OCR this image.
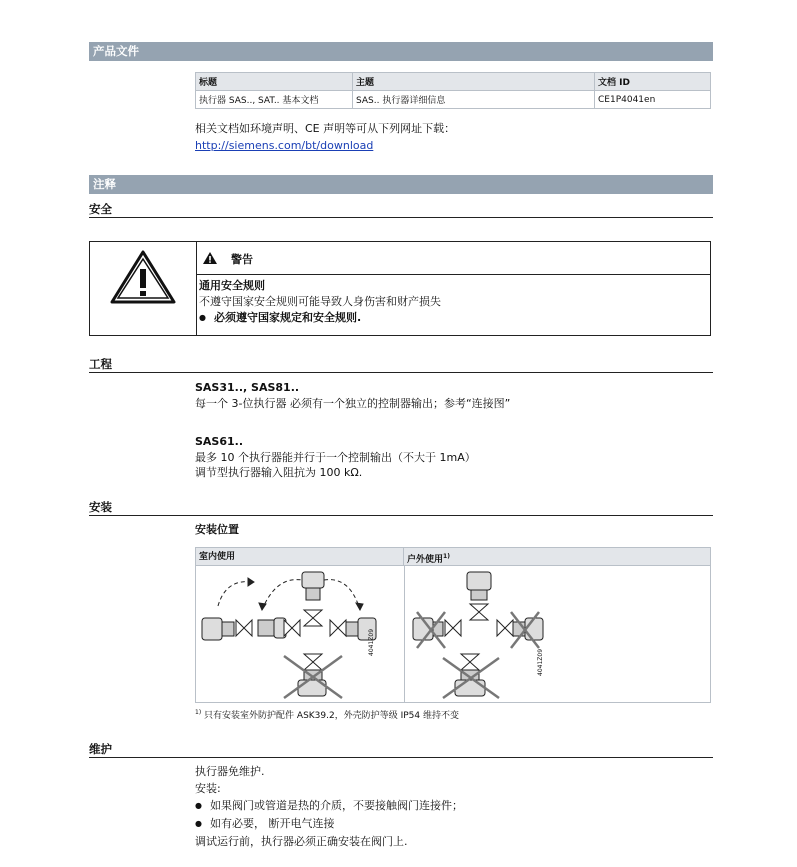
产品文件
标题	主题	文档 ID
执行器 SAS.., SAT.. 基本文档	SAS.. 执行器详细信息	CE1P4041en
相关文档如环境声明、CE 声明等可从下列网址下载：
http://siemens.com/bt/download
注释
安全
警告
通用安全规则
不遵守国家安全规则可能导致人身伤害和财产损失
● 必须遵守国家规定和安全规则.
工程
SAS31.., SAS81..
每一个 3-位执行器 必须有一个独立的控制器输出；参考“连接图”
SAS61..
最多 10 个执行器能并行于一个控制输出（不大于 1mA）
调节型执行器输入阻抗为 100 kΩ.
安装
安装位置
室内使用	户外使用$^{1)}$
4041Z09
4041Z09
$^{1)}$ 只有安装室外防护配件 ASK39.2，外壳防护等级 IP54 维持不变
维护
执行器免维护.
安装:
● 如果阀门或管道是热的介质，不要接触阀门连接件；
● 如有必要， 断开电气连接
调试运行前，执行器必须正确安装在阀门上.
